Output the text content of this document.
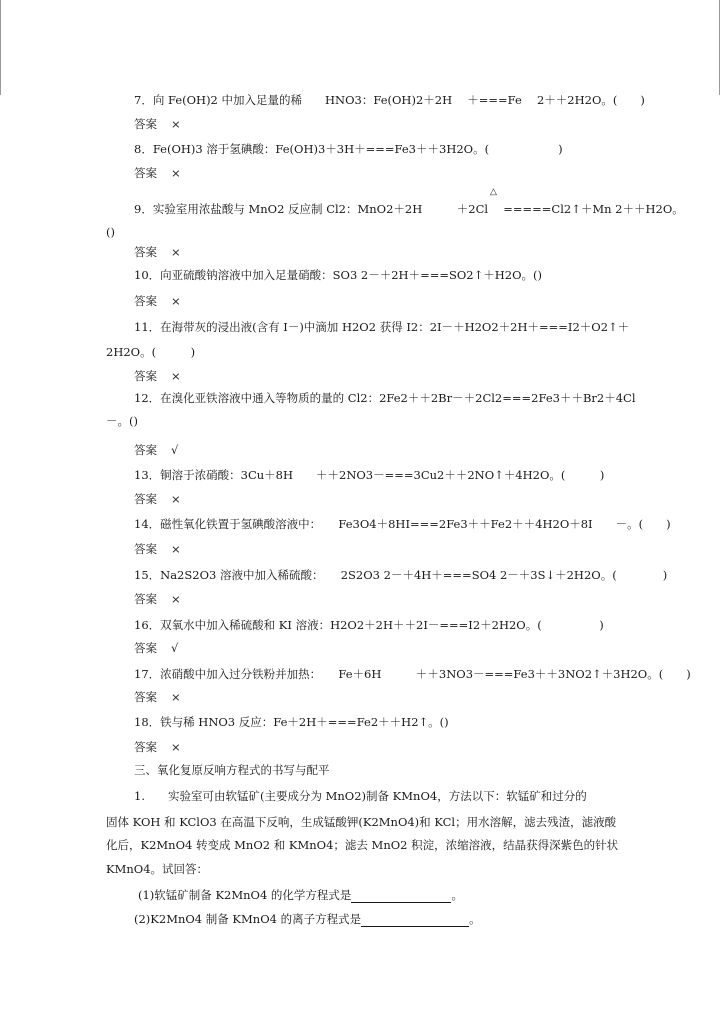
7．向 Fe(OH)2 中加入足量的稀　　HNO3：Fe(OH)2＋2H　 ＋===Fe　 2＋＋2H2O。(　　)
答案 ×
8．Fe(OH)3 溶于氢碘酸：Fe(OH)3＋3H＋===Fe3＋＋3H2O。(　　　　　　)
答案 ×
△
9．实验室用浓盐酸与 MnO2 反应制 Cl2：MnO2＋2H　　　＋2Cl　 =====Cl2↑＋Mn 2＋＋H2O。
()
答案 ×
10．向亚硫酸钠溶液中加入足量硝酸：SO3 2－＋2H＋===SO2↑＋H2O。()
答案 ×
11．在海带灰的浸出液(含有 I－)中滴加 H2O2 获得 I2：2I－＋H2O2＋2H＋===I2＋O2↑＋
2H2O。(　　　)
答案 ×
12．在溴化亚铁溶液中通入等物质的量的 Cl2：2Fe2＋＋2Br－＋2Cl2===2Fe3＋＋Br2＋4Cl
－。()
答案 √
13．铜溶于浓硝酸：3Cu＋8H　　＋＋2NO3－===3Cu2＋＋2NO↑＋4H2O。(　　　)
答案 ×
14．磁性氧化铁置于氢碘酸溶液中：　　Fe3O4＋8HI===2Fe3＋＋Fe2＋＋4H2O＋8I　　－。(　　)
答案 ×
15．Na2S2O3 溶液中加入稀硫酸：　　2S2O3 2－＋4H＋===SO4 2－＋3S↓＋2H2O。(　　　　)
答案 ×
16．双氧水中加入稀硫酸和 KI 溶液：H2O2＋2H＋＋2I－===I2＋2H2O。(　　　　　)
答案 √
17．浓硝酸中加入过分铁粉并加热：　　Fe＋6H　　　＋＋3NO3－===Fe3＋＋3NO2↑＋3H2O。(　　)
答案 ×
18．铁与稀 HNO3 反应：Fe＋2H＋===Fe2＋＋H2↑。()
答案 ×
三、氧化复原反响方程式的书写与配平
1.　　实验室可由软锰矿(主要成分为 MnO2)制备 KMnO4，方法以下：软锰矿和过分的
固体 KOH 和 KClO3 在高温下反响，生成锰酸钾(K2MnO4)和 KCl；用水溶解，滤去残渣，滤液酸
化后，K2MnO4 转变成 MnO2 和 KMnO4；滤去 MnO2 积淀，浓缩溶液，结晶获得深紫色的针状
KMnO4。试回答：
(1)软锰矿制备 K2MnO4 的化学方程式是	。
(2)K2MnO4 制备 KMnO4 的离子方程式是	。
